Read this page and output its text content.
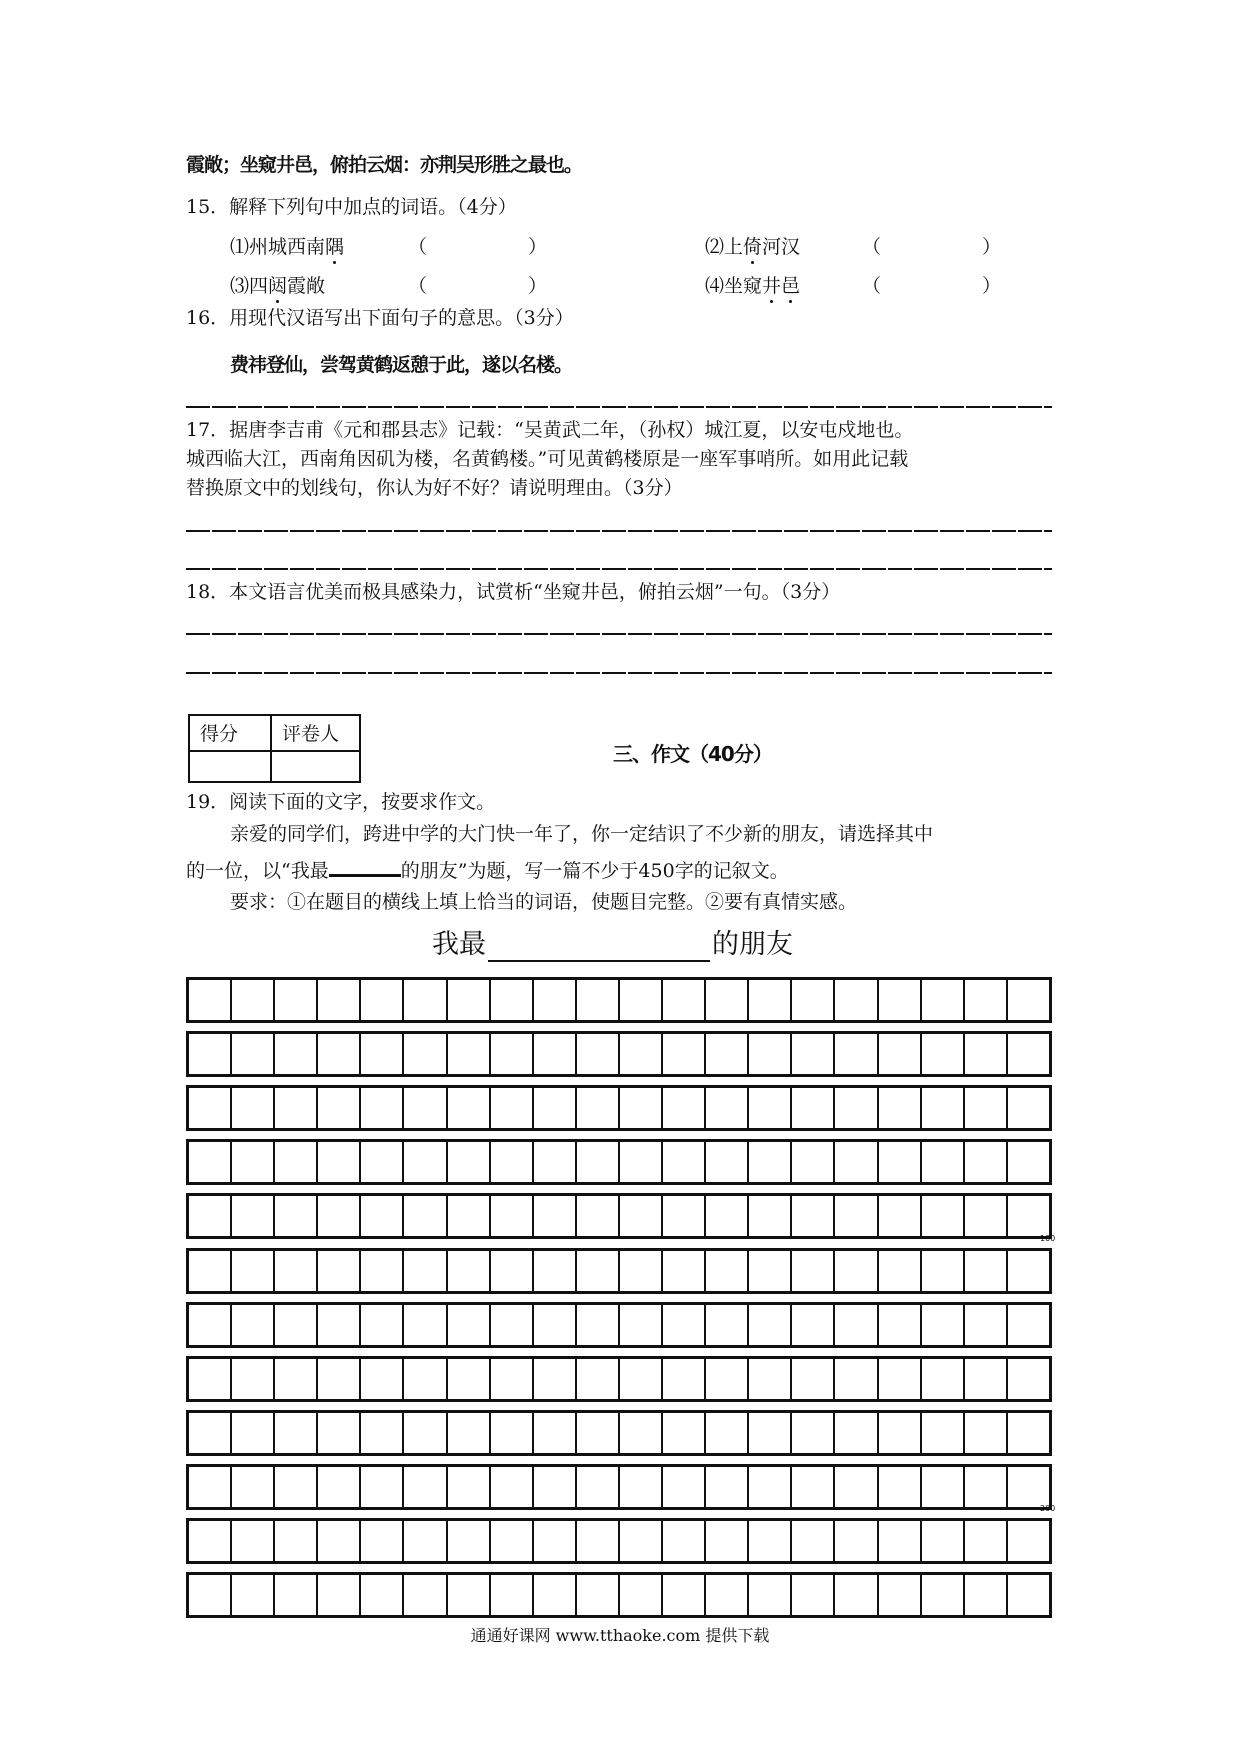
霞敞；坐窥井邑，俯拍云烟：亦荆吴形胜之最也。
15．解释下列句中加点的词语。（4分）
⑴州城西南隅	（	）	⑵上倚河汉	（	）
⑶四闼霞敞	（	）	⑷坐窥井邑	（	）
16．用现代汉语写出下面句子的意思。（3分）
费祎登仙，尝驾黄鹤返憩于此，遂以名楼。
17．据唐李吉甫《元和郡县志》记载：“吴黄武二年，（孙权）城江夏，以安屯戍地也。
城西临大江，西南角因矶为楼，名黄鹤楼。”可见黄鹤楼原是一座军事哨所。如用此记载
替换原文中的划线句，你认为好不好？请说明理由。（3分）
18．本文语言优美而极具感染力，试赏析“坐窥井邑，俯拍云烟”一句。（3分）
得分 评卷人
三、作文（40分）
19．阅读下面的文字，按要求作文。
亲爱的同学们，跨进中学的大门快一年了，你一定结识了不少新的朋友，请选择其中
的一位，以“我最	的朋友”为题，写一篇不少于450字的记叙文。
要求：①在题目的横线上填上恰当的词语，使题目完整。②要有真情实感。
我最	的朋友
100
200
通通好课网 www.tthaoke.com 提供下载
